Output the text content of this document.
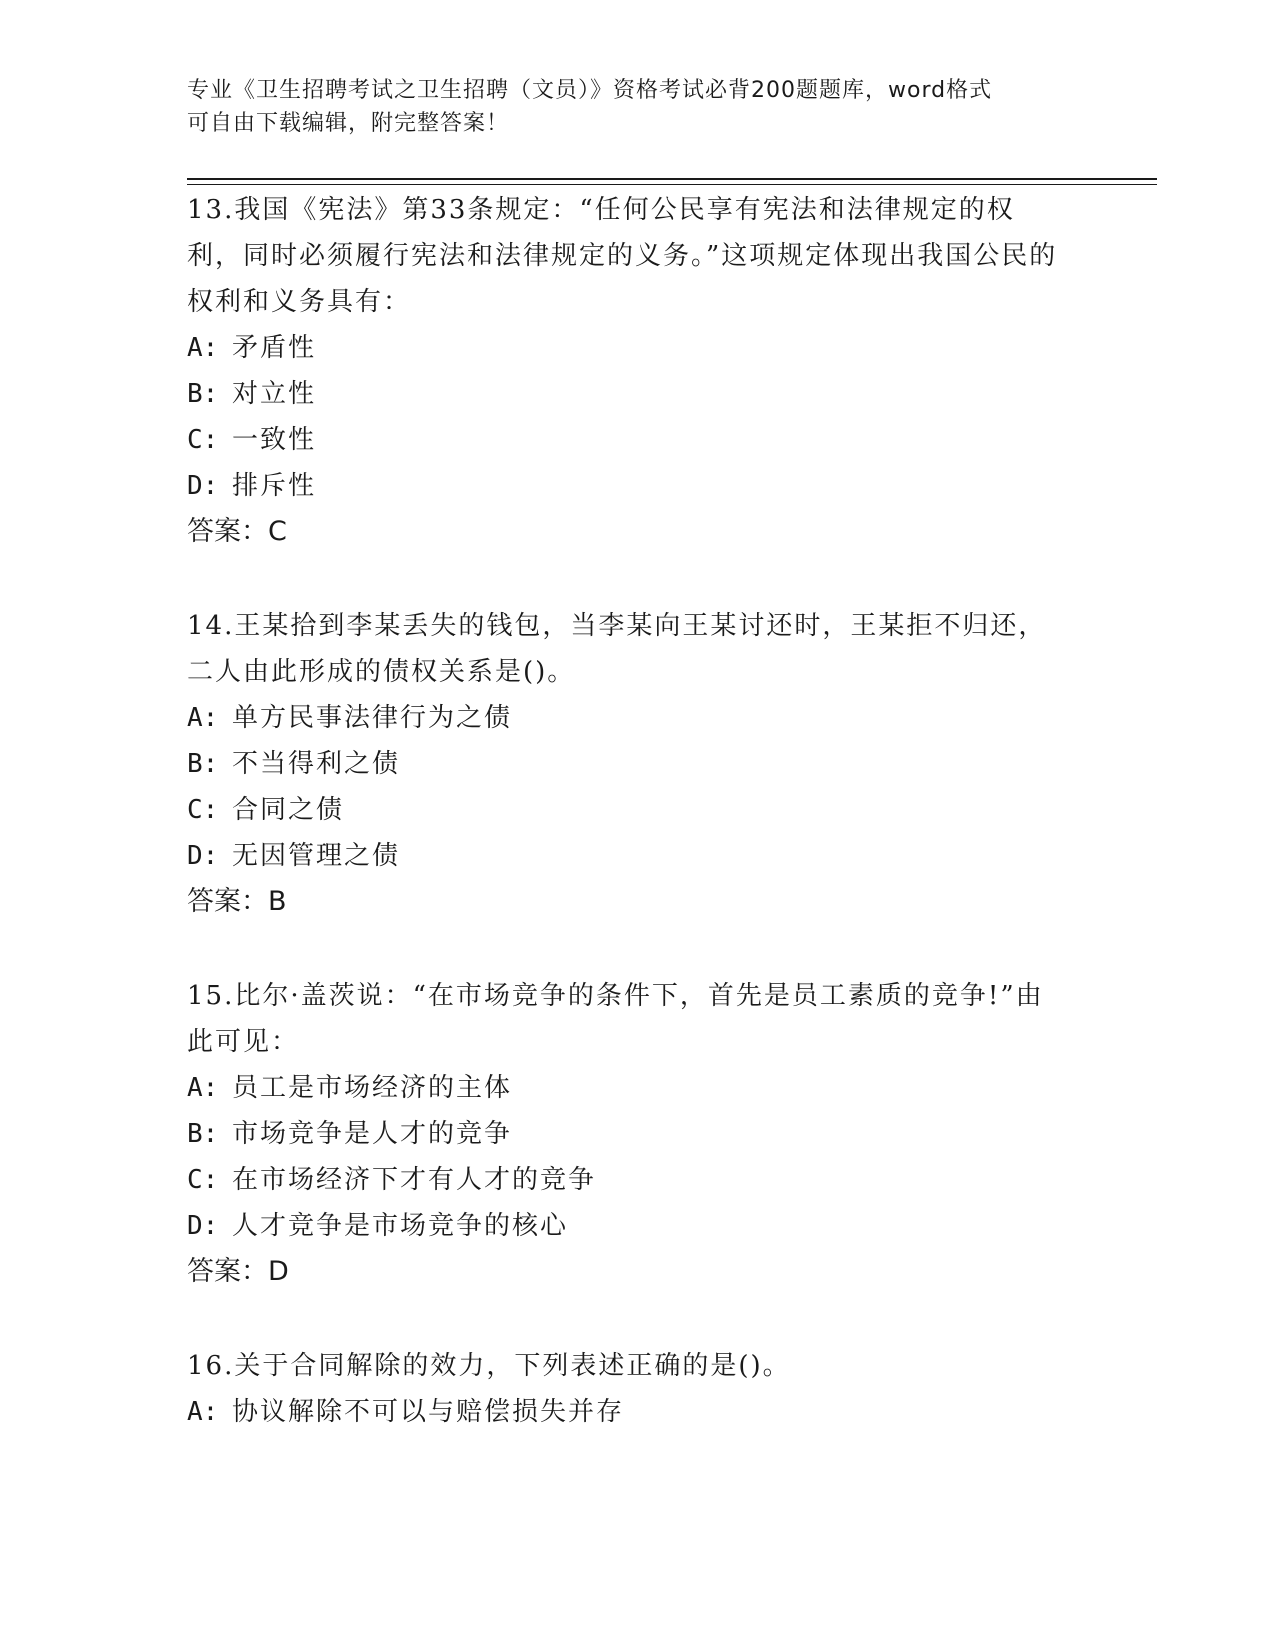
专业《卫生招聘考试之卫生招聘（文员）》资格考试必背200题题库，word格式
可自由下载编辑，附完整答案！

13.我国《宪法》第33条规定：“任何公民享有宪法和法律规定的权利，同时必须履行宪法和法律规定的义务。”这项规定体现出我国公民的权利和义务具有：

A: 矛盾性
B: 对立性
C: 一致性
D: 排斥性
答案：C

14.王某拾到李某丢失的钱包，当李某向王某讨还时，王某拒不归还，二人由此形成的债权关系是()。

A: 单方民事法律行为之债
B: 不当得利之债
C: 合同之债
D: 无因管理之债
答案：B

15.比尔·盖茨说：“在市场竞争的条件下，首先是员工素质的竞争!”由此可见：

A: 员工是市场经济的主体
B: 市场竞争是人才的竞争
C: 在市场经济下才有人才的竞争
D: 人才竞争是市场竞争的核心
答案：D

16.关于合同解除的效力，下列表述正确的是()。

A: 协议解除不可以与赔偿损失并存
